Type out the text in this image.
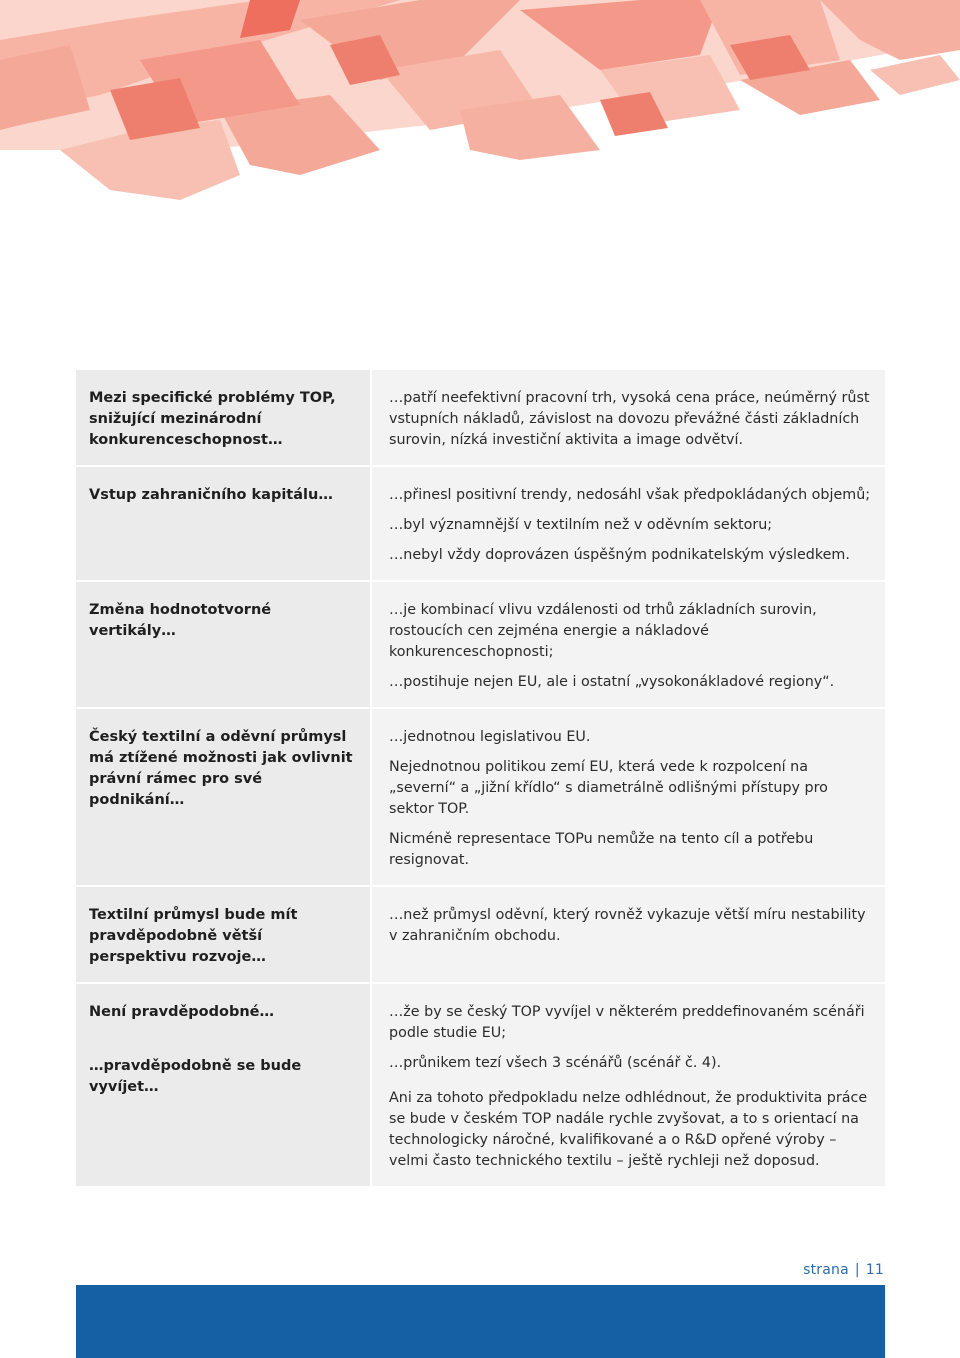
Mezi specifické problémy TOP, snižující mezinárodní konkurenceschopnost…

…patří neefektivní pracovní trh, vysoká cena práce, neúměrný růst vstupních nákladů, závislost na dovozu převážné části základních surovin, nízká investiční aktivita a image odvětví.

Vstup zahraničního kapitálu…	…přinesl positivní trendy, nedosáhl však předpokládaných objemů;

…byl významnější v textilním než v oděvním sektoru;

…nebyl vždy doprovázen úspěšným podnikatelským výsledkem.

Změna hodnototvorné vertikály…

…je kombinací vlivu vzdálenosti od trhů základních surovin, rostoucích cen zejména energie a nákladové konkurenceschopnosti;

…postihuje nejen EU, ale i ostatní „vysokonákladové regiony“.

Český textilní a oděvní průmysl má ztížené možnosti jak ovlivnit právní rámec pro své podnikání…

…jednotnou legislativou EU.

Nejednotnou politikou zemí EU, která vede k rozpolcení na „severní“ a „jižní křídlo“ s diametrálně odlišnými přístupy pro sektor TOP.

Nicméně representace TOPu nemůže na tento cíl a potřebu resignovat.

Textilní průmysl bude mít pravděpodobně větší perspektivu rozvoje…

…než průmysl oděvní, který rovněž vykazuje větší míru nestability v zahraničním obchodu.

Není pravděpodobné…

…pravděpodobně se bude vyvíjet…

…že by se český TOP vyvíjel v některém preddefinovaném scénáři podle studie EU;

…průnikem tezí všech 3 scénářů (scénář č. 4).

Ani za tohoto předpokladu nelze odhlédnout, že produktivita práce se bude v českém TOP nadále rychle zvyšovat, a to s orientací na technologicky náročné, kvalifikované a o R&D opřené výroby – velmi často technického textilu – ještě rychleji než doposud.

strana | 11
